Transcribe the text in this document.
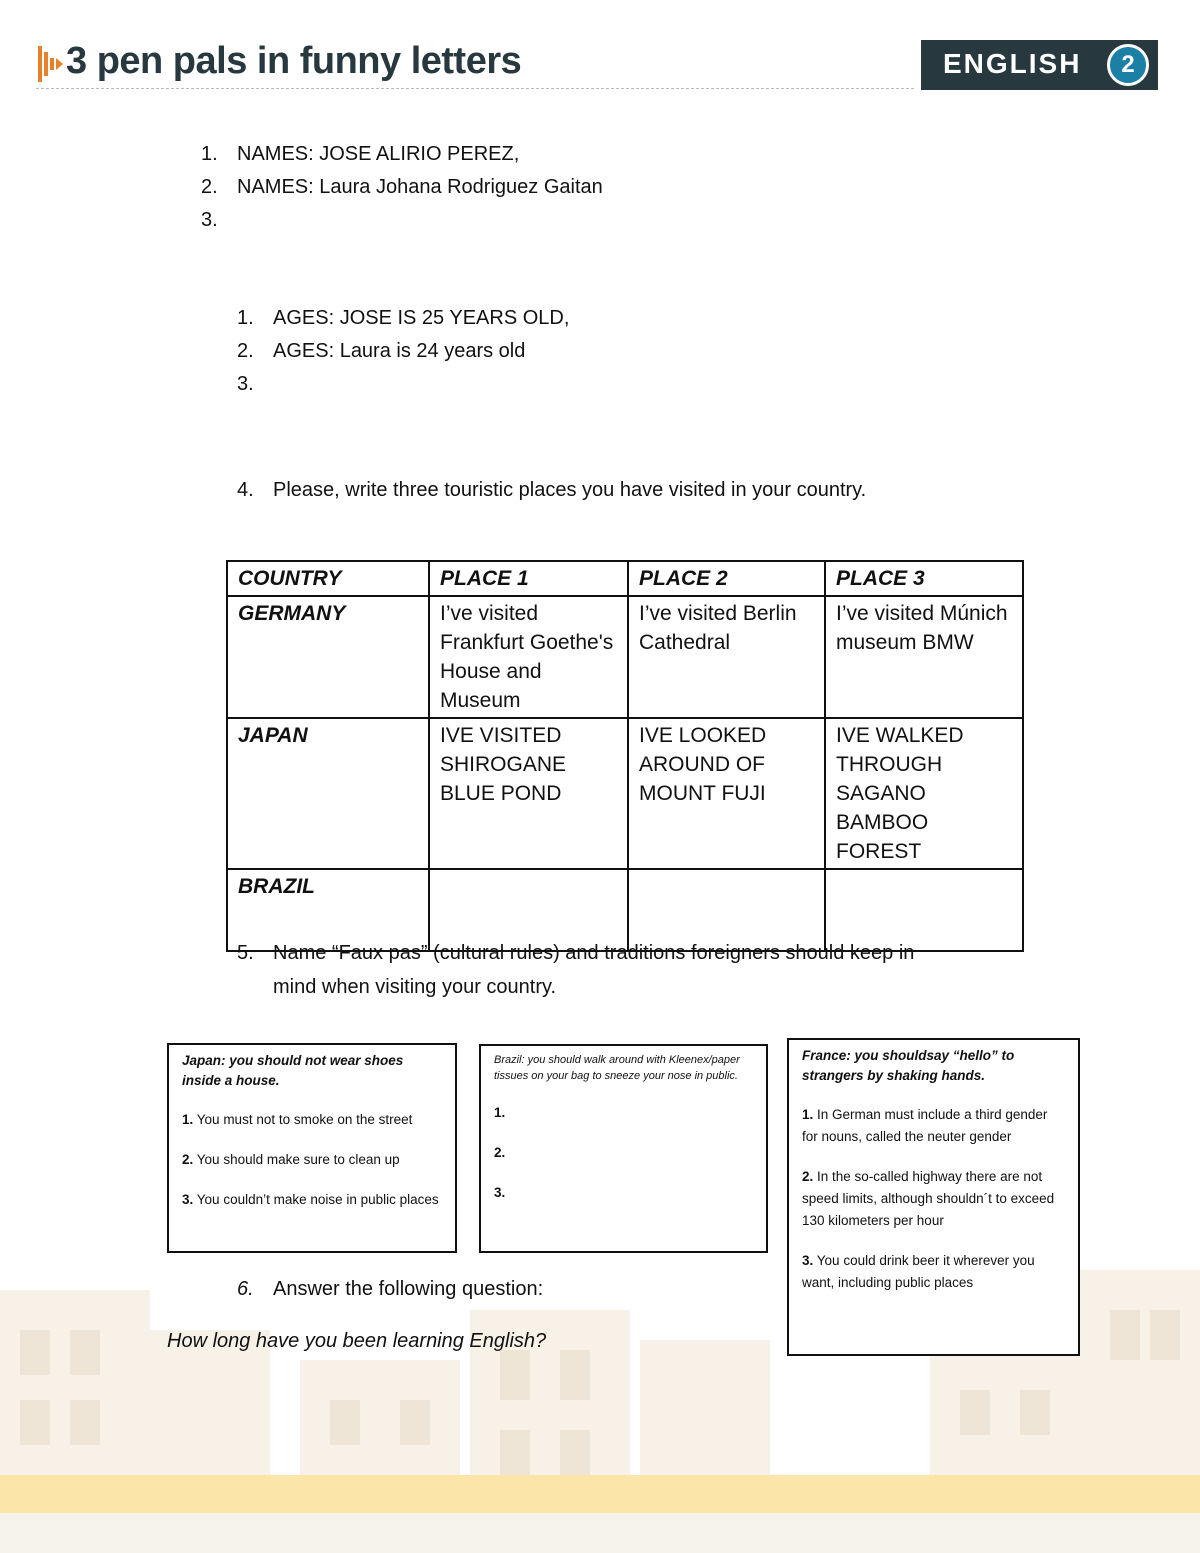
3 pen pals in funny letters	ENGLISH	2
1. NAMES: JOSE ALIRIO PEREZ,
2. NAMES: Laura Johana Rodriguez Gaitan
3.
1. AGES: JOSE IS 25 YEARS OLD,
2. AGES: Laura is 24 years old
3.
4. Please, write three touristic places you have visited in your country.
COUNTRY	PLACE 1	PLACE 2	PLACE 3
GERMANY	I’ve visited Frankfurt Goethe's House and Museum	I’ve visited Berlin Cathedral	I’ve visited Múnich museum BMW
JAPAN	IVE VISITED SHIROGANE BLUE POND	IVE LOOKED AROUND OF MOUNT FUJI	IVE WALKED THROUGH SAGANO BAMBOO FOREST
BRAZIL			
5. Name “Faux pas” (cultural rules) and traditions foreigners should keep in
mind when visiting your country.
Japan: you should not wear shoes inside a house.
1. You must not to smoke on the street
2. You should make sure to clean up
3. You couldn’t make noise in public places
Brazil: you should walk around with Kleenex/paper tissues on your bag to sneeze your nose in public.
1.
2.
3.
France: you shouldsay “hello” to strangers by shaking hands.
1. In German must include a third gender for nouns, called the neuter gender
2. In the so-called highway there are not speed limits, although shouldn´t to exceed 130 kilometers per hour
3. You could drink beer it wherever you want, including public places
6. Answer the following question:
How long have you been learning English?
